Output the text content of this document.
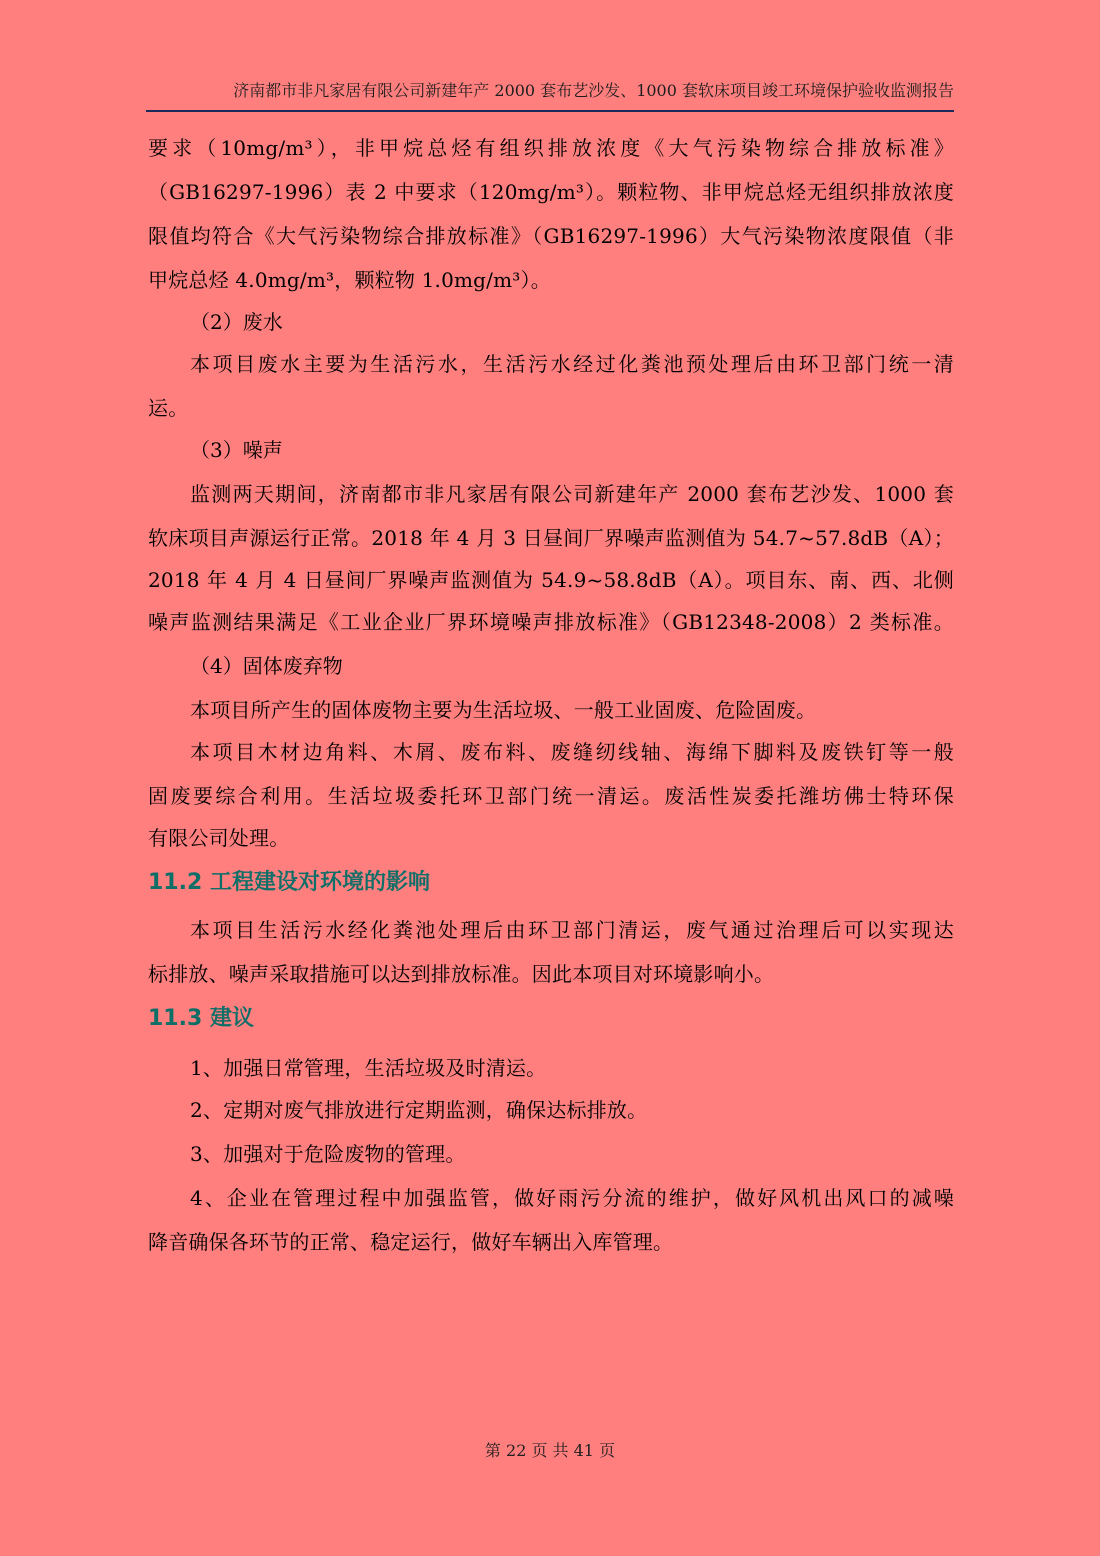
济南都市非凡家居有限公司新建年产 2000 套布艺沙发、1000 套软床项目竣工环境保护验收监测报告
要求（10mg/m³），非甲烷总烃有组织排放浓度《大气污染物综合排放标准》
（GB16297-1996）表 2 中要求（120mg/m³）。颗粒物、非甲烷总烃无组织排放浓度
限值均符合《大气污染物综合排放标准》（GB16297-1996）大气污染物浓度限值（非
甲烷总烃 4.0mg/m³，颗粒物 1.0mg/m³）。
（2）废水
本项目废水主要为生活污水，生活污水经过化粪池预处理后由环卫部门统一清
运。
（3）噪声
监测两天期间，济南都市非凡家居有限公司新建年产 2000 套布艺沙发、1000 套
软床项目声源运行正常。2018 年 4 月 3 日昼间厂界噪声监测值为 54.7~57.8dB（A）；
2018 年 4 月 4 日昼间厂界噪声监测值为 54.9~58.8dB（A）。项目东、南、西、北侧
噪声监测结果满足《工业企业厂界环境噪声排放标准》（GB12348-2008）2 类标准。
（4）固体废弃物
本项目所产生的固体废物主要为生活垃圾、一般工业固废、危险固废。
本项目木材边角料、木屑、废布料、废缝纫线轴、海绵下脚料及废铁钉等一般
固废要综合利用。生活垃圾委托环卫部门统一清运。废活性炭委托潍坊佛士特环保
有限公司处理。
11.2 工程建设对环境的影响
本项目生活污水经化粪池处理后由环卫部门清运，废气通过治理后可以实现达
标排放、噪声采取措施可以达到排放标准。因此本项目对环境影响小。
11.3 建议
1、加强日常管理，生活垃圾及时清运。
2、定期对废气排放进行定期监测，确保达标排放。
3、加强对于危险废物的管理。
4、企业在管理过程中加强监管，做好雨污分流的维护，做好风机出风口的减噪
降音确保各环节的正常、稳定运行，做好车辆出入库管理。
第 22 页 共 41 页
